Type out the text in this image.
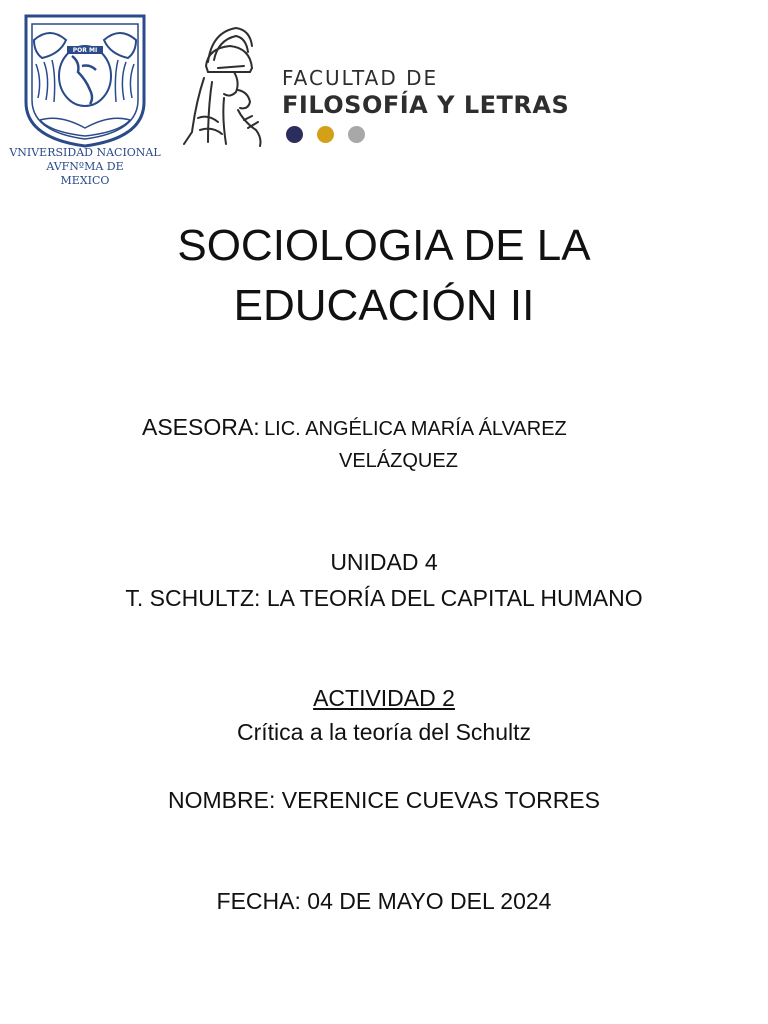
POR MI
VNIVERSIDAD NACIONAL
AVFNºMA DE
MEXICO
FACULTAD DE
FILOSOFÍA Y LETRAS
SOCIOLOGIA DE LA
EDUCACIÓN II
ASESORA: LIC. ANGÉLICA MARÍA ÁLVAREZ
VELÁZQUEZ
UNIDAD 4
T. SCHULTZ: LA TEORÍA DEL CAPITAL HUMANO
ACTIVIDAD 2
Crítica a la teoría del Schultz
NOMBRE: VERENICE CUEVAS TORRES
FECHA: 04 DE MAYO DEL 2024
